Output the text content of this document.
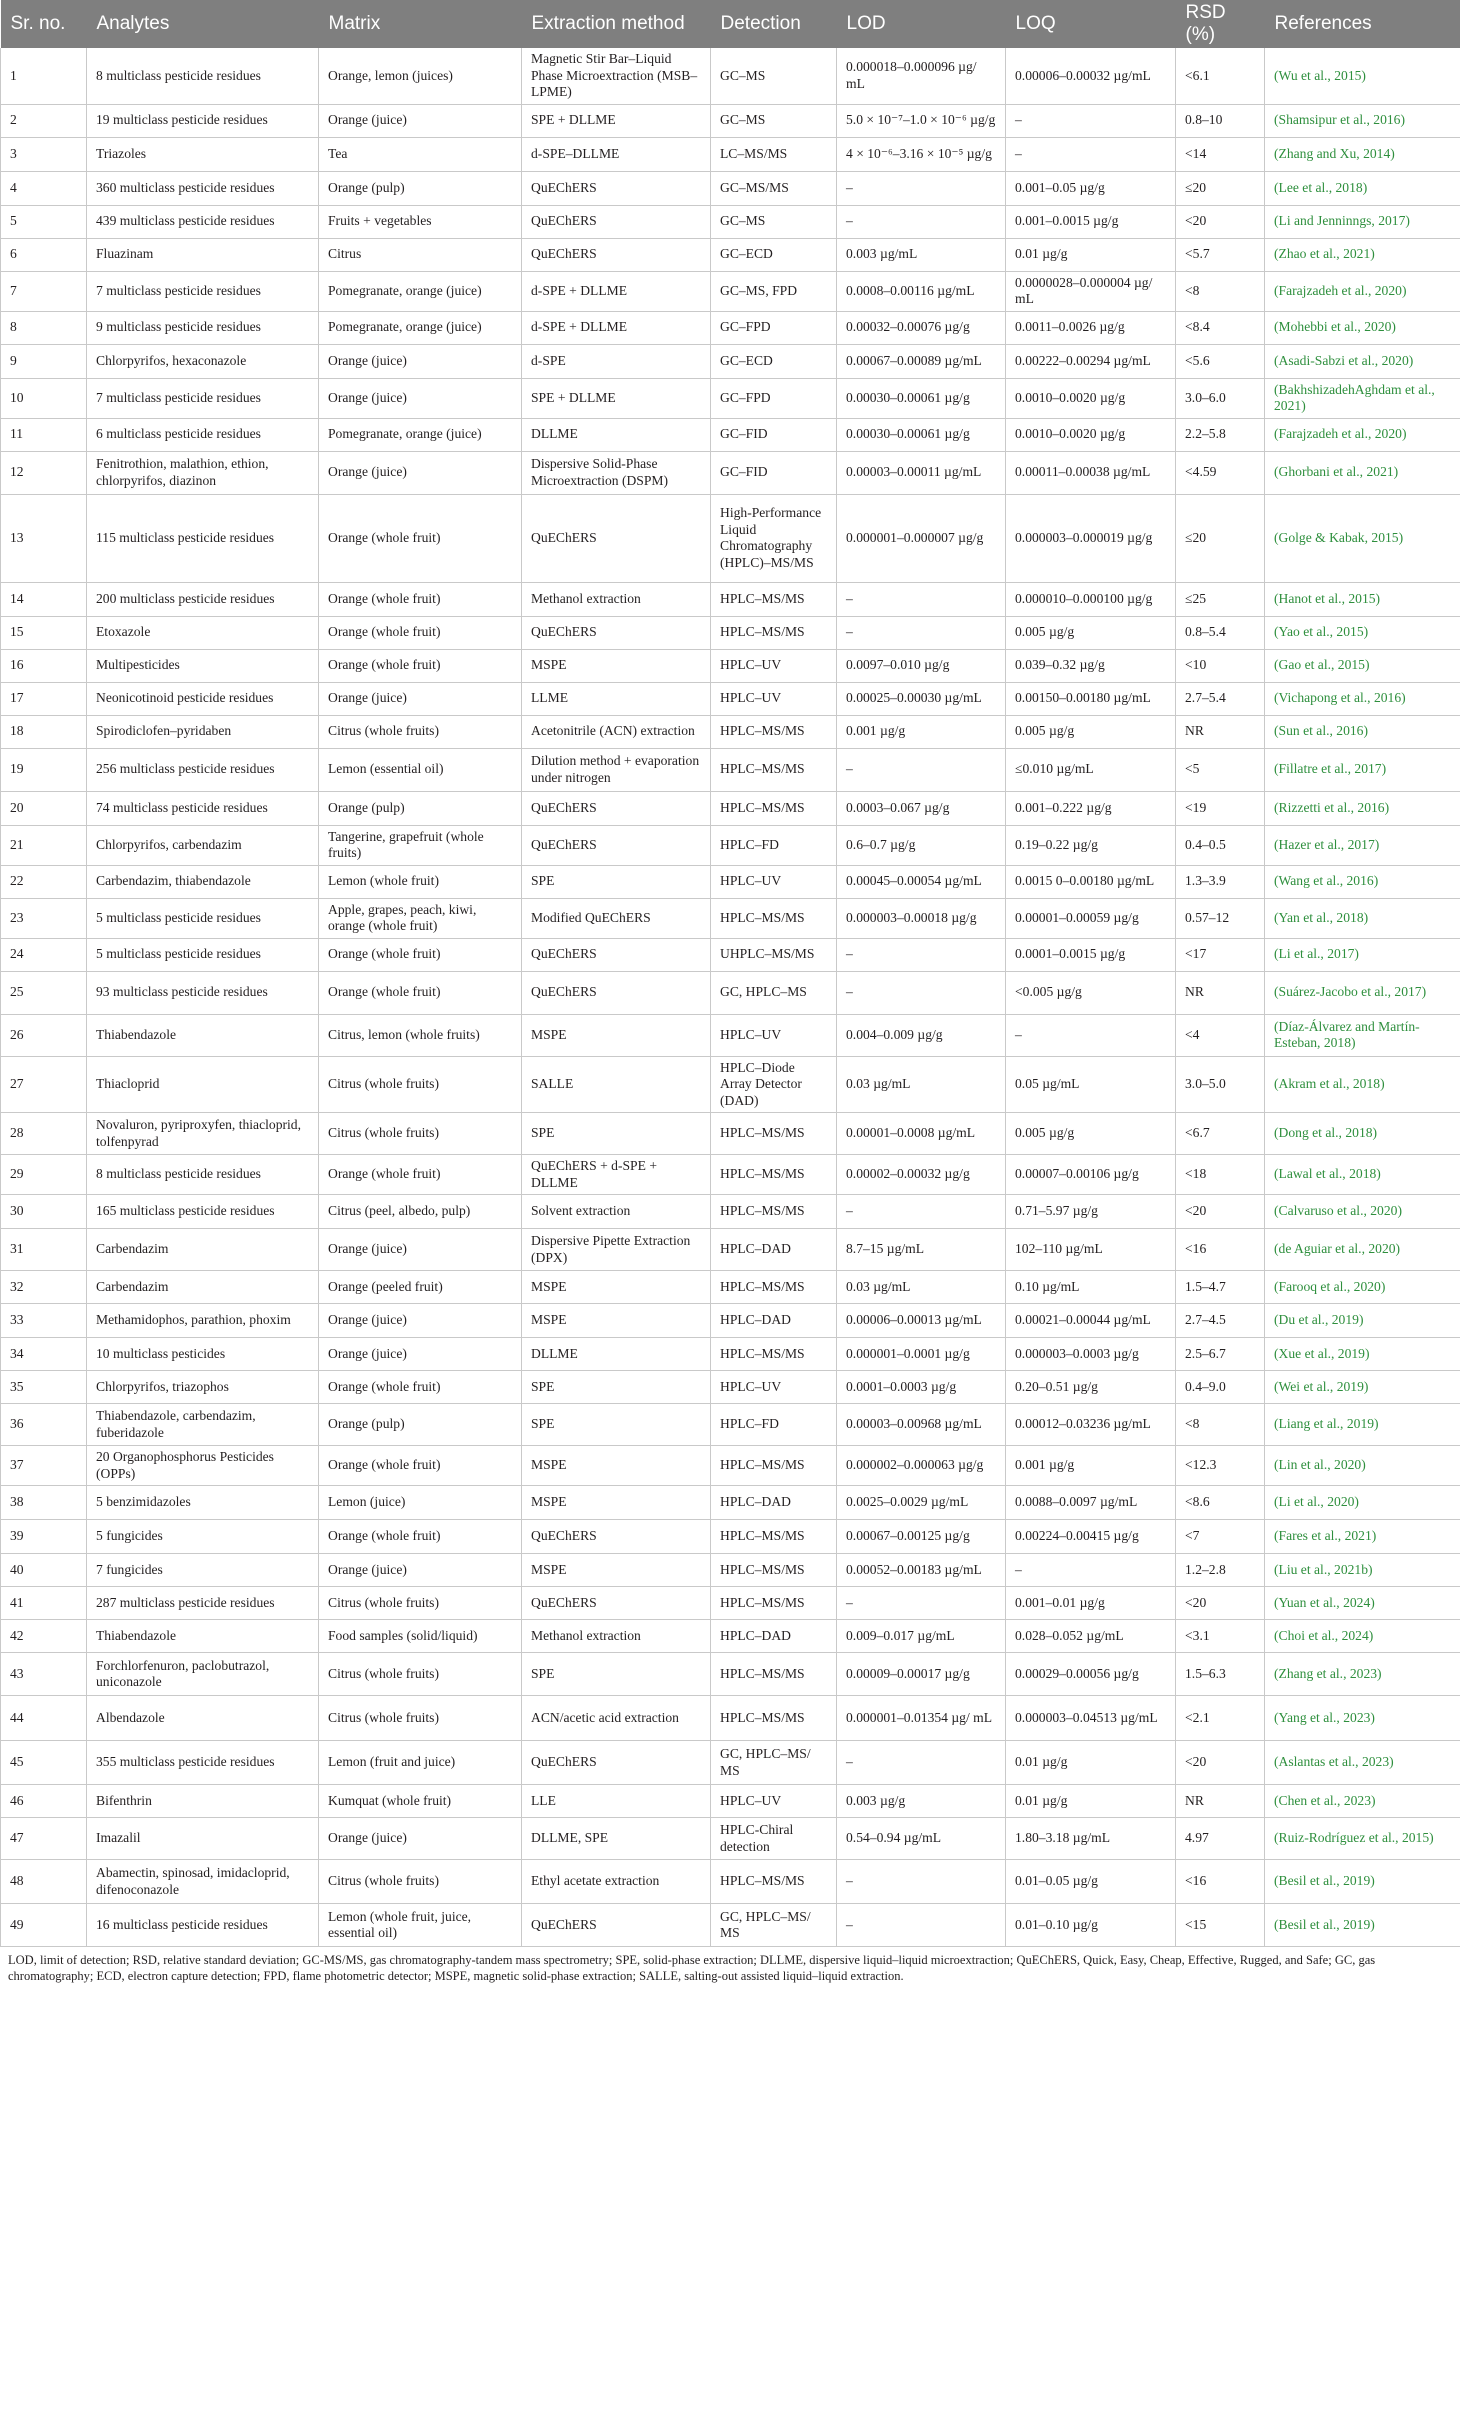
Sr. no.	Analytes	Matrix	Extraction method	Detection	LOD	LOQ	RSD (%)	References
1	8 multiclass pesticide residues	Orange, lemon (juices)	Magnetic Stir Bar–Liquid Phase Microextraction (MSB–LPME)	GC–MS	0.000018–0.000096 µg/ mL	0.00006–0.00032 µg/mL	<6.1	(Wu et al., 2015)
2	19 multiclass pesticide residues	Orange (juice)	SPE + DLLME	GC–MS	5.0 × 10⁻⁷–1.0 × 10⁻⁶ µg/g	–	0.8–10	(Shamsipur et al., 2016)
3	Triazoles	Tea	d-SPE–DLLME	LC–MS/MS	4 × 10⁻⁶–3.16 × 10⁻⁵ µg/g	–	<14	(Zhang and Xu, 2014)
4	360 multiclass pesticide residues	Orange (pulp)	QuEChERS	GC–MS/MS	–	0.001–0.05 µg/g	≤20	(Lee et al., 2018)
5	439 multiclass pesticide residues	Fruits + vegetables	QuEChERS	GC–MS	–	0.001–0.0015 µg/g	<20	(Li and Jenninngs, 2017)
6	Fluazinam	Citrus	QuEChERS	GC–ECD	0.003 µg/mL	0.01 µg/g	<5.7	(Zhao et al., 2021)
7	7 multiclass pesticide residues	Pomegranate, orange (juice)	d-SPE + DLLME	GC–MS, FPD	0.0008–0.00116 µg/mL	0.0000028–0.000004 µg/ mL	<8	(Farajzadeh et al., 2020)
8	9 multiclass pesticide residues	Pomegranate, orange (juice)	d-SPE + DLLME	GC–FPD	0.00032–0.00076 µg/g	0.0011–0.0026 µg/g	<8.4	(Mohebbi et al., 2020)
9	Chlorpyrifos, hexaconazole	Orange (juice)	d-SPE	GC–ECD	0.00067–0.00089 µg/mL	0.00222–0.00294 µg/mL	<5.6	(Asadi-Sabzi et al., 2020)
10	7 multiclass pesticide residues	Orange (juice)	SPE + DLLME	GC–FPD	0.00030–0.00061 µg/g	0.0010–0.0020 µg/g	3.0–6.0	(BakhshizadehAghdam et al., 2021)
11	6 multiclass pesticide residues	Pomegranate, orange (juice)	DLLME	GC–FID	0.00030–0.00061 µg/g	0.0010–0.0020 µg/g	2.2–5.8	(Farajzadeh et al., 2020)
12	Fenitrothion, malathion, ethion, chlorpyrifos, diazinon	Orange (juice)	Dispersive Solid-Phase Microextraction (DSPM)	GC–FID	0.00003–0.00011 µg/mL	0.00011–0.00038 µg/mL	<4.59	(Ghorbani et al., 2021)
13	115 multiclass pesticide residues	Orange (whole fruit)	QuEChERS	High-Performance Liquid Chromatography (HPLC)–MS/MS	0.000001–0.000007 µg/g	0.000003–0.000019 µg/g	≤20	(Golge & Kabak, 2015)
14	200 multiclass pesticide residues	Orange (whole fruit)	Methanol extraction	HPLC–MS/MS	–	0.000010–0.000100 µg/g	≤25	(Hanot et al., 2015)
15	Etoxazole	Orange (whole fruit)	QuEChERS	HPLC–MS/MS	–	0.005 µg/g	0.8–5.4	(Yao et al., 2015)
16	Multipesticides	Orange (whole fruit)	MSPE	HPLC–UV	0.0097–0.010 µg/g	0.039–0.32 µg/g	<10	(Gao et al., 2015)
17	Neonicotinoid pesticide residues	Orange (juice)	LLME	HPLC–UV	0.00025–0.00030 µg/mL	0.00150–0.00180 µg/mL	2.7–5.4	(Vichapong et al., 2016)
18	Spirodiclofen–pyridaben	Citrus (whole fruits)	Acetonitrile (ACN) extraction	HPLC–MS/MS	0.001 µg/g	0.005 µg/g	NR	(Sun et al., 2016)
19	256 multiclass pesticide residues	Lemon (essential oil)	Dilution method + evaporation under nitrogen	HPLC–MS/MS	–	≤0.010 µg/mL	<5	(Fillatre et al., 2017)
20	74 multiclass pesticide residues	Orange (pulp)	QuEChERS	HPLC–MS/MS	0.0003–0.067 µg/g	0.001–0.222 µg/g	<19	(Rizzetti et al., 2016)
21	Chlorpyrifos, carbendazim	Tangerine, grapefruit (whole fruits)	QuEChERS	HPLC–FD	0.6–0.7 µg/g	0.19–0.22 µg/g	0.4–0.5	(Hazer et al., 2017)
22	Carbendazim, thiabendazole	Lemon (whole fruit)	SPE	HPLC–UV	0.00045–0.00054 µg/mL	0.0015 0–0.00180 µg/mL	1.3–3.9	(Wang et al., 2016)
23	5 multiclass pesticide residues	Apple, grapes, peach, kiwi, orange (whole fruit)	Modified QuEChERS	HPLC–MS/MS	0.000003–0.00018 µg/g	0.00001–0.00059 µg/g	0.57–12	(Yan et al., 2018)
24	5 multiclass pesticide residues	Orange (whole fruit)	QuEChERS	UHPLC–MS/MS	–	0.0001–0.0015 µg/g	<17	(Li et al., 2017)
25	93 multiclass pesticide residues	Orange (whole fruit)	QuEChERS	GC, HPLC–MS	–	<0.005 µg/g	NR	(Suárez-Jacobo et al., 2017)
26	Thiabendazole	Citrus, lemon (whole fruits)	MSPE	HPLC–UV	0.004–0.009 µg/g	–	<4	(Díaz-Álvarez and Martín-Esteban, 2018)
27	Thiacloprid	Citrus (whole fruits)	SALLE	HPLC–Diode Array Detector (DAD)	0.03 µg/mL	0.05 µg/mL	3.0–5.0	(Akram et al., 2018)
28	Novaluron, pyriproxyfen, thiacloprid, tolfenpyrad	Citrus (whole fruits)	SPE	HPLC–MS/MS	0.00001–0.0008 µg/mL	0.005 µg/g	<6.7	(Dong et al., 2018)
29	8 multiclass pesticide residues	Orange (whole fruit)	QuEChERS + d-SPE + DLLME	HPLC–MS/MS	0.00002–0.00032 µg/g	0.00007–0.00106 µg/g	<18	(Lawal et al., 2018)
30	165 multiclass pesticide residues	Citrus (peel, albedo, pulp)	Solvent extraction	HPLC–MS/MS	–	0.71–5.97 µg/g	<20	(Calvaruso et al., 2020)
31	Carbendazim	Orange (juice)	Dispersive Pipette Extraction (DPX)	HPLC–DAD	8.7–15 µg/mL	102–110 µg/mL	<16	(de Aguiar et al., 2020)
32	Carbendazim	Orange (peeled fruit)	MSPE	HPLC–MS/MS	0.03 µg/mL	0.10 µg/mL	1.5–4.7	(Farooq et al., 2020)
33	Methamidophos, parathion, phoxim	Orange (juice)	MSPE	HPLC–DAD	0.00006–0.00013 µg/mL	0.00021–0.00044 µg/mL	2.7–4.5	(Du et al., 2019)
34	10 multiclass pesticides	Orange (juice)	DLLME	HPLC–MS/MS	0.000001–0.0001 µg/g	0.000003–0.0003 µg/g	2.5–6.7	(Xue et al., 2019)
35	Chlorpyrifos, triazophos	Orange (whole fruit)	SPE	HPLC–UV	0.0001–0.0003 µg/g	0.20–0.51 µg/g	0.4–9.0	(Wei et al., 2019)
36	Thiabendazole, carbendazim, fuberidazole	Orange (pulp)	SPE	HPLC–FD	0.00003–0.00968 µg/mL	0.00012–0.03236 µg/mL	<8	(Liang et al., 2019)
37	20 Organophosphorus Pesticides (OPPs)	Orange (whole fruit)	MSPE	HPLC–MS/MS	0.000002–0.000063 µg/g	0.001 µg/g	<12.3	(Lin et al., 2020)
38	5 benzimidazoles	Lemon (juice)	MSPE	HPLC–DAD	0.0025–0.0029 µg/mL	0.0088–0.0097 µg/mL	<8.6	(Li et al., 2020)
39	5 fungicides	Orange (whole fruit)	QuEChERS	HPLC–MS/MS	0.00067–0.00125 µg/g	0.00224–0.00415 µg/g	<7	(Fares et al., 2021)
40	7 fungicides	Orange (juice)	MSPE	HPLC–MS/MS	0.00052–0.00183 µg/mL	–	1.2–2.8	(Liu et al., 2021b)
41	287 multiclass pesticide residues	Citrus (whole fruits)	QuEChERS	HPLC–MS/MS	–	0.001–0.01 µg/g	<20	(Yuan et al., 2024)
42	Thiabendazole	Food samples (solid/liquid)	Methanol extraction	HPLC–DAD	0.009–0.017 µg/mL	0.028–0.052 µg/mL	<3.1	(Choi et al., 2024)
43	Forchlorfenuron, paclobutrazol, uniconazole	Citrus (whole fruits)	SPE	HPLC–MS/MS	0.00009–0.00017 µg/g	0.00029–0.00056 µg/g	1.5–6.3	(Zhang et al., 2023)
44	Albendazole	Citrus (whole fruits)	ACN/acetic acid extraction	HPLC–MS/MS	0.000001–0.01354 µg/ mL	0.000003–0.04513 µg/mL	<2.1	(Yang et al., 2023)
45	355 multiclass pesticide residues	Lemon (fruit and juice)	QuEChERS	GC, HPLC–MS/ MS	–	0.01 µg/g	<20	(Aslantas et al., 2023)
46	Bifenthrin	Kumquat (whole fruit)	LLE	HPLC–UV	0.003 µg/g	0.01 µg/g	NR	(Chen et al., 2023)
47	Imazalil	Orange (juice)	DLLME, SPE	HPLC-Chiral detection	0.54–0.94 µg/mL	1.80–3.18 µg/mL	4.97	(Ruiz-Rodríguez et al., 2015)
48	Abamectin, spinosad, imidacloprid, difenoconazole	Citrus (whole fruits)	Ethyl acetate extraction	HPLC–MS/MS	–	0.01–0.05 µg/g	<16	(Besil et al., 2019)
49	16 multiclass pesticide residues	Lemon (whole fruit, juice, essential oil)	QuEChERS	GC, HPLC–MS/ MS	–	0.01–0.10 µg/g	<15	(Besil et al., 2019)
LOD, limit of detection; RSD, relative standard deviation; GC-MS/MS, gas chromatography-tandem mass spectrometry; SPE, solid-phase extraction; DLLME, dispersive liquid–liquid microextraction; QuEChERS, Quick, Easy, Cheap, Effective, Rugged, and Safe; GC, gas chromatography; ECD, electron capture detection; FPD, flame photometric detector; MSPE, magnetic solid-phase extraction; SALLE, salting-out assisted liquid–liquid extraction.
